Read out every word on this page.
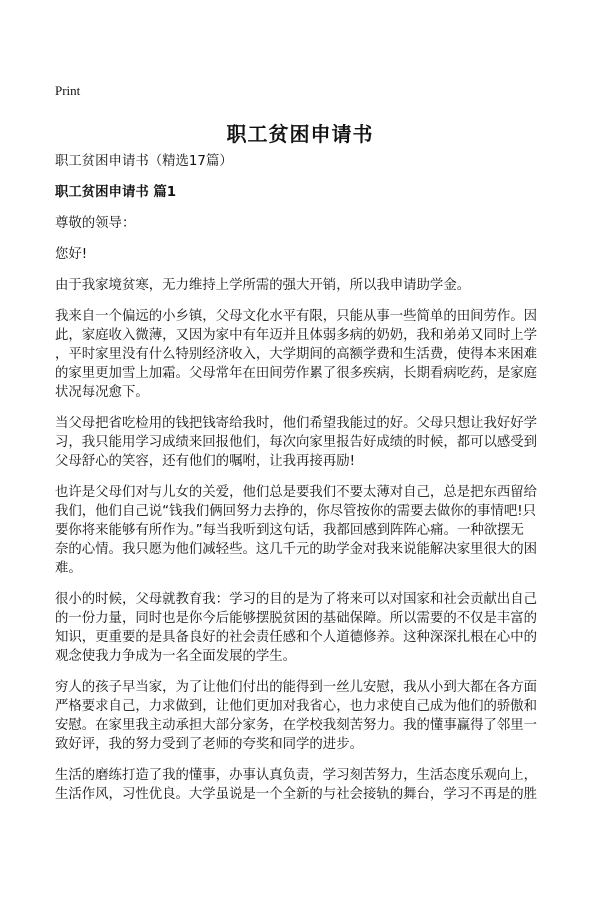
Print
职工贫困申请书

职工贫困申请书（精选17篇）

职工贫困申请书 篇1

尊敬的领导：

您好!

由于我家境贫寒，无力维持上学所需的强大开销，所以我申请助学金。

我来自一个偏远的小乡镇，父母文化水平有限，只能从事一些简单的田间劳作。因
此，家庭收入微薄，又因为家中有年迈并且体弱多病的奶奶，我和弟弟又同时上学
，平时家里没有什么特别经济收入，大学期间的高额学费和生活费，使得本来困难
的家里更加雪上加霜。父母常年在田间劳作累了很多疾病，长期看病吃药，是家庭
状况每况愈下。

当父母把省吃检用的钱把钱寄给我时，他们希望我能过的好。父母只想让我好好学
习，我只能用学习成绩来回报他们，每次向家里报告好成绩的时候，都可以感受到
父母舒心的笑容，还有他们的嘱咐，让我再接再励!

也许是父母们对与儿女的关爱，他们总是要我们不要太薄对自己，总是把东西留给
我们，他们自己说“钱我们俩回努力去挣的，你尽管按你的需要去做你的事情吧!只
要你将来能够有所作为。”每当我听到这句话，我都回感到阵阵心痛。一种欲摆无
奈的心情。我只愿为他们减轻些。这几千元的助学金对我来说能解决家里很大的困
难。

很小的时候，父母就教育我：学习的目的是为了将来可以对国家和社会贡献出自己
的一份力量，同时也是你今后能够摆脱贫困的基础保障。所以需要的不仅是丰富的
知识，更重要的是具备良好的社会责任感和个人道德修养。这种深深扎根在心中的
观念使我力争成为一名全面发展的学生。

穷人的孩子早当家，为了让他们付出的能得到一丝儿安慰，我从小到大都在各方面
严格要求自己，力求做到，让他们更加对我省心，也力求使自己成为他们的骄傲和
安慰。在家里我主动承担大部分家务，在学校我刻苦努力。我的懂事赢得了邻里一
致好评，我的努力受到了老师的夸奖和同学的进步。

生活的磨练打造了我的懂事，办事认真负责，学习刻苦努力，生活态度乐观向上，
生活作风，习性优良。大学虽说是一个全新的与社会接轨的舞台，学习不再是的胜
